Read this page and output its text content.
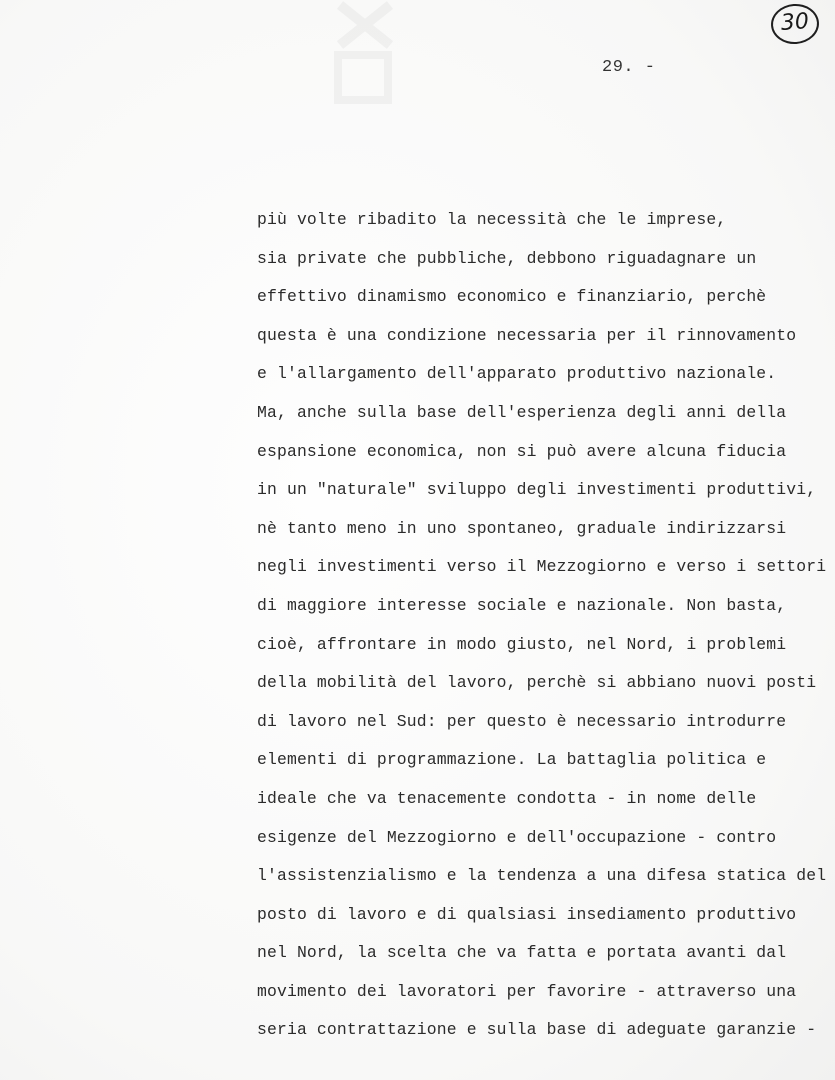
30
29. -
più volte ribadito la necessità che le imprese,
sia private che pubbliche, debbono riguadagnare un
effettivo dinamismo economico e finanziario, perchè
questa è una condizione necessaria per il rinnovamento
e l'allargamento dell'apparato produttivo nazionale.
Ma, anche sulla base dell'esperienza degli anni della
espansione economica, non si può avere alcuna fiducia
in un "naturale" sviluppo degli investimenti produttivi,
nè tanto meno in uno spontaneo, graduale indirizzarsi
negli investimenti verso il Mezzogiorno e verso i settori
di maggiore interesse sociale e nazionale. Non basta,
cioè, affrontare in modo giusto, nel Nord, i problemi
della mobilità del lavoro, perchè si abbiano nuovi posti
di lavoro nel Sud: per questo è necessario introdurre
elementi di programmazione. La battaglia politica e
ideale che va tenacemente condotta - in nome delle
esigenze del Mezzogiorno e dell'occupazione - contro
l'assistenzialismo e la tendenza a una difesa statica del
posto di lavoro e di qualsiasi insediamento produttivo
nel Nord, la scelta che va fatta e portata avanti dal
movimento dei lavoratori per favorire - attraverso una
seria contrattazione e sulla base di adeguate garanzie -
